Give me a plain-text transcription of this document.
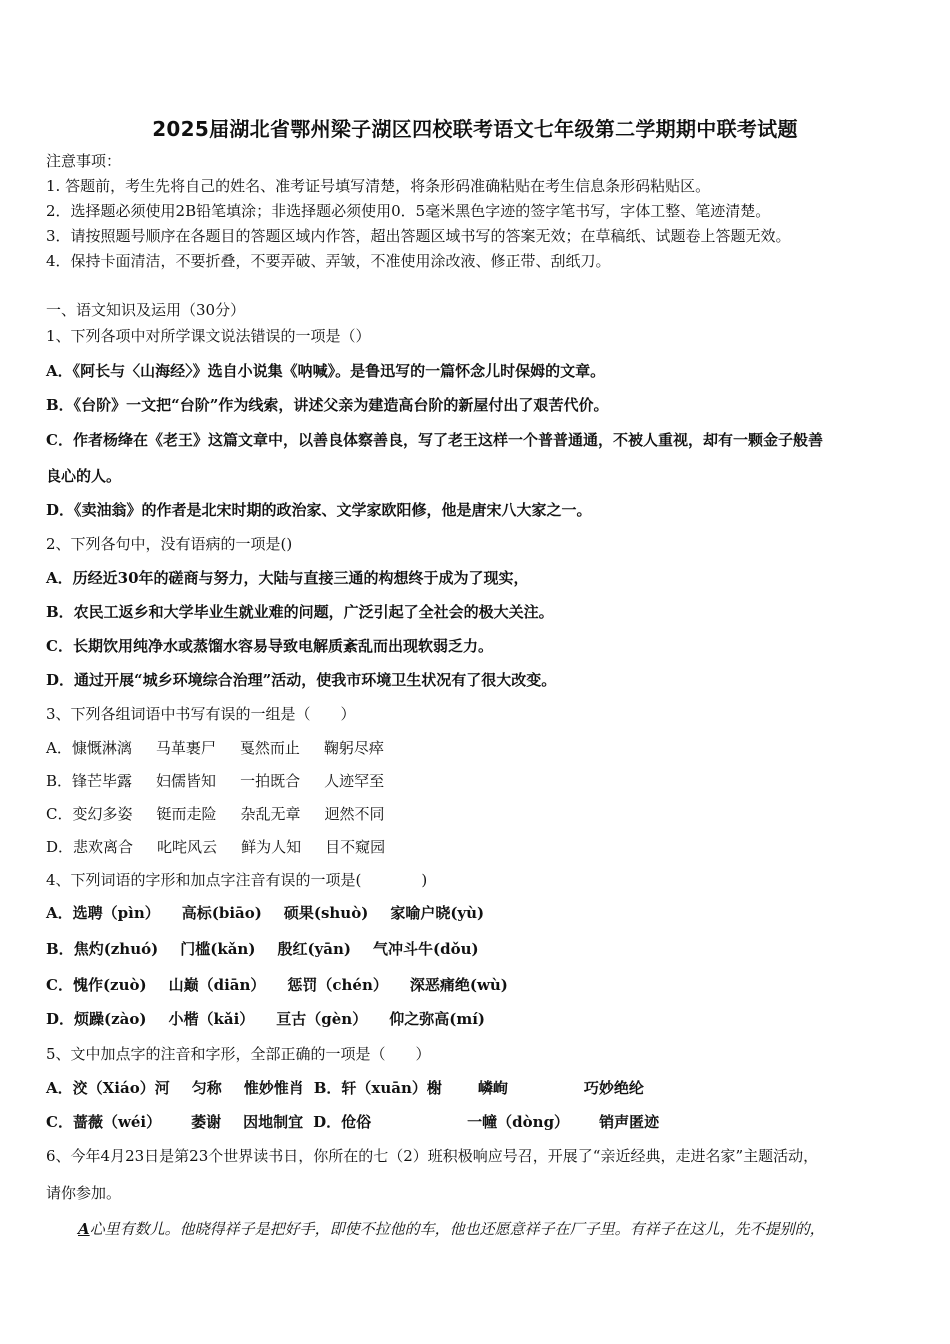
2025届湖北省鄂州梁子湖区四校联考语文七年级第二学期期中联考试题
注意事项：
1. 答题前，考生先将自己的姓名、准考证号填写清楚，将条形码准确粘贴在考生信息条形码粘贴区。
2．选择题必须使用2B铅笔填涂；非选择题必须使用0．5毫米黑色字迹的签字笔书写，字体工整、笔迹清楚。
3．请按照题号顺序在各题目的答题区域内作答，超出答题区域书写的答案无效；在草稿纸、试题卷上答题无效。
4．保持卡面清洁，不要折叠，不要弄破、弄皱，不准使用涂改液、修正带、刮纸刀。
一、语文知识及运用（30分）
1、下列各项中对所学课文说法错误的一项是（）
A．《阿长与〈山海经〉》选自小说集《呐喊》。是鲁迅写的一篇怀念儿时保姆的文章。
B．《台阶》一文把“台阶”作为线索，讲述父亲为建造高台阶的新屋付出了艰苦代价。
C．作者杨绛在《老王》这篇文章中，以善良体察善良，写了老王这样一个普普通通，不被人重视，却有一颗金子般善
良心的人。
D．《卖油翁》的作者是北宋时期的政治家、文学家欧阳修，他是唐宋八大家之一。
2、下列各句中，没有语病的一项是()
A．历经近30年的磋商与努力，大陆与直接三通的构想终于成为了现实，
B．农民工返乡和大学毕业生就业难的问题，广泛引起了全社会的极大关注。
C．长期饮用纯净水或蒸馏水容易导致电解质紊乱而出现软弱乏力。
D．通过开展“城乡环境综合治理”活动，使我市环境卫生状况有了很大改变。
3、下列各组词语中书写有误的一组是（　　）
A．慷慨淋漓 马革裹尸 戛然而止 鞠躬尽瘁
B．锋芒毕露 妇儒皆知 一拍既合 人迹罕至
C．变幻多姿 铤而走险 杂乱无章 迥然不同
D．悲欢离合 叱咤风云 鲜为人知 目不窥园
4、下列词语的字形和加点字注音有误的一项是(　　　　)
A．选聘（pìn） 高标(biāo) 硕果(shuò) 家喻户晓(yù)
B．焦灼(zhuó) 门槛(kǎn) 殷红(yān) 气冲斗牛(dǒu)
C．愧作(zuò) 山巅（diān） 惩罚（chén） 深恶痛绝(wù)
D．烦躁(zào) 小楷（kǎi） 亘古（gèn） 仰之弥高(mí)
5、文中加点字的注音和字形，全部正确的一项是（　　）
A．洨（Xiáo）河 匀称 惟妙惟肖 B．轩（xuān）榭 嶙峋	巧妙绝纶
C．蔷薇（wéi） 萎谢 因地制宜 D．伧俗	一幢（dòng） 销声匿迹
6、今年4月23日是第23个世界读书日，你所在的七（2）班积极响应号召，开展了“亲近经典，走进名家”主题活动，
请你参加。
A心里有数儿。他晓得祥子是把好手，即使不拉他的车，他也还愿意祥子在厂子里。有祥子在这儿，先不提别的，
